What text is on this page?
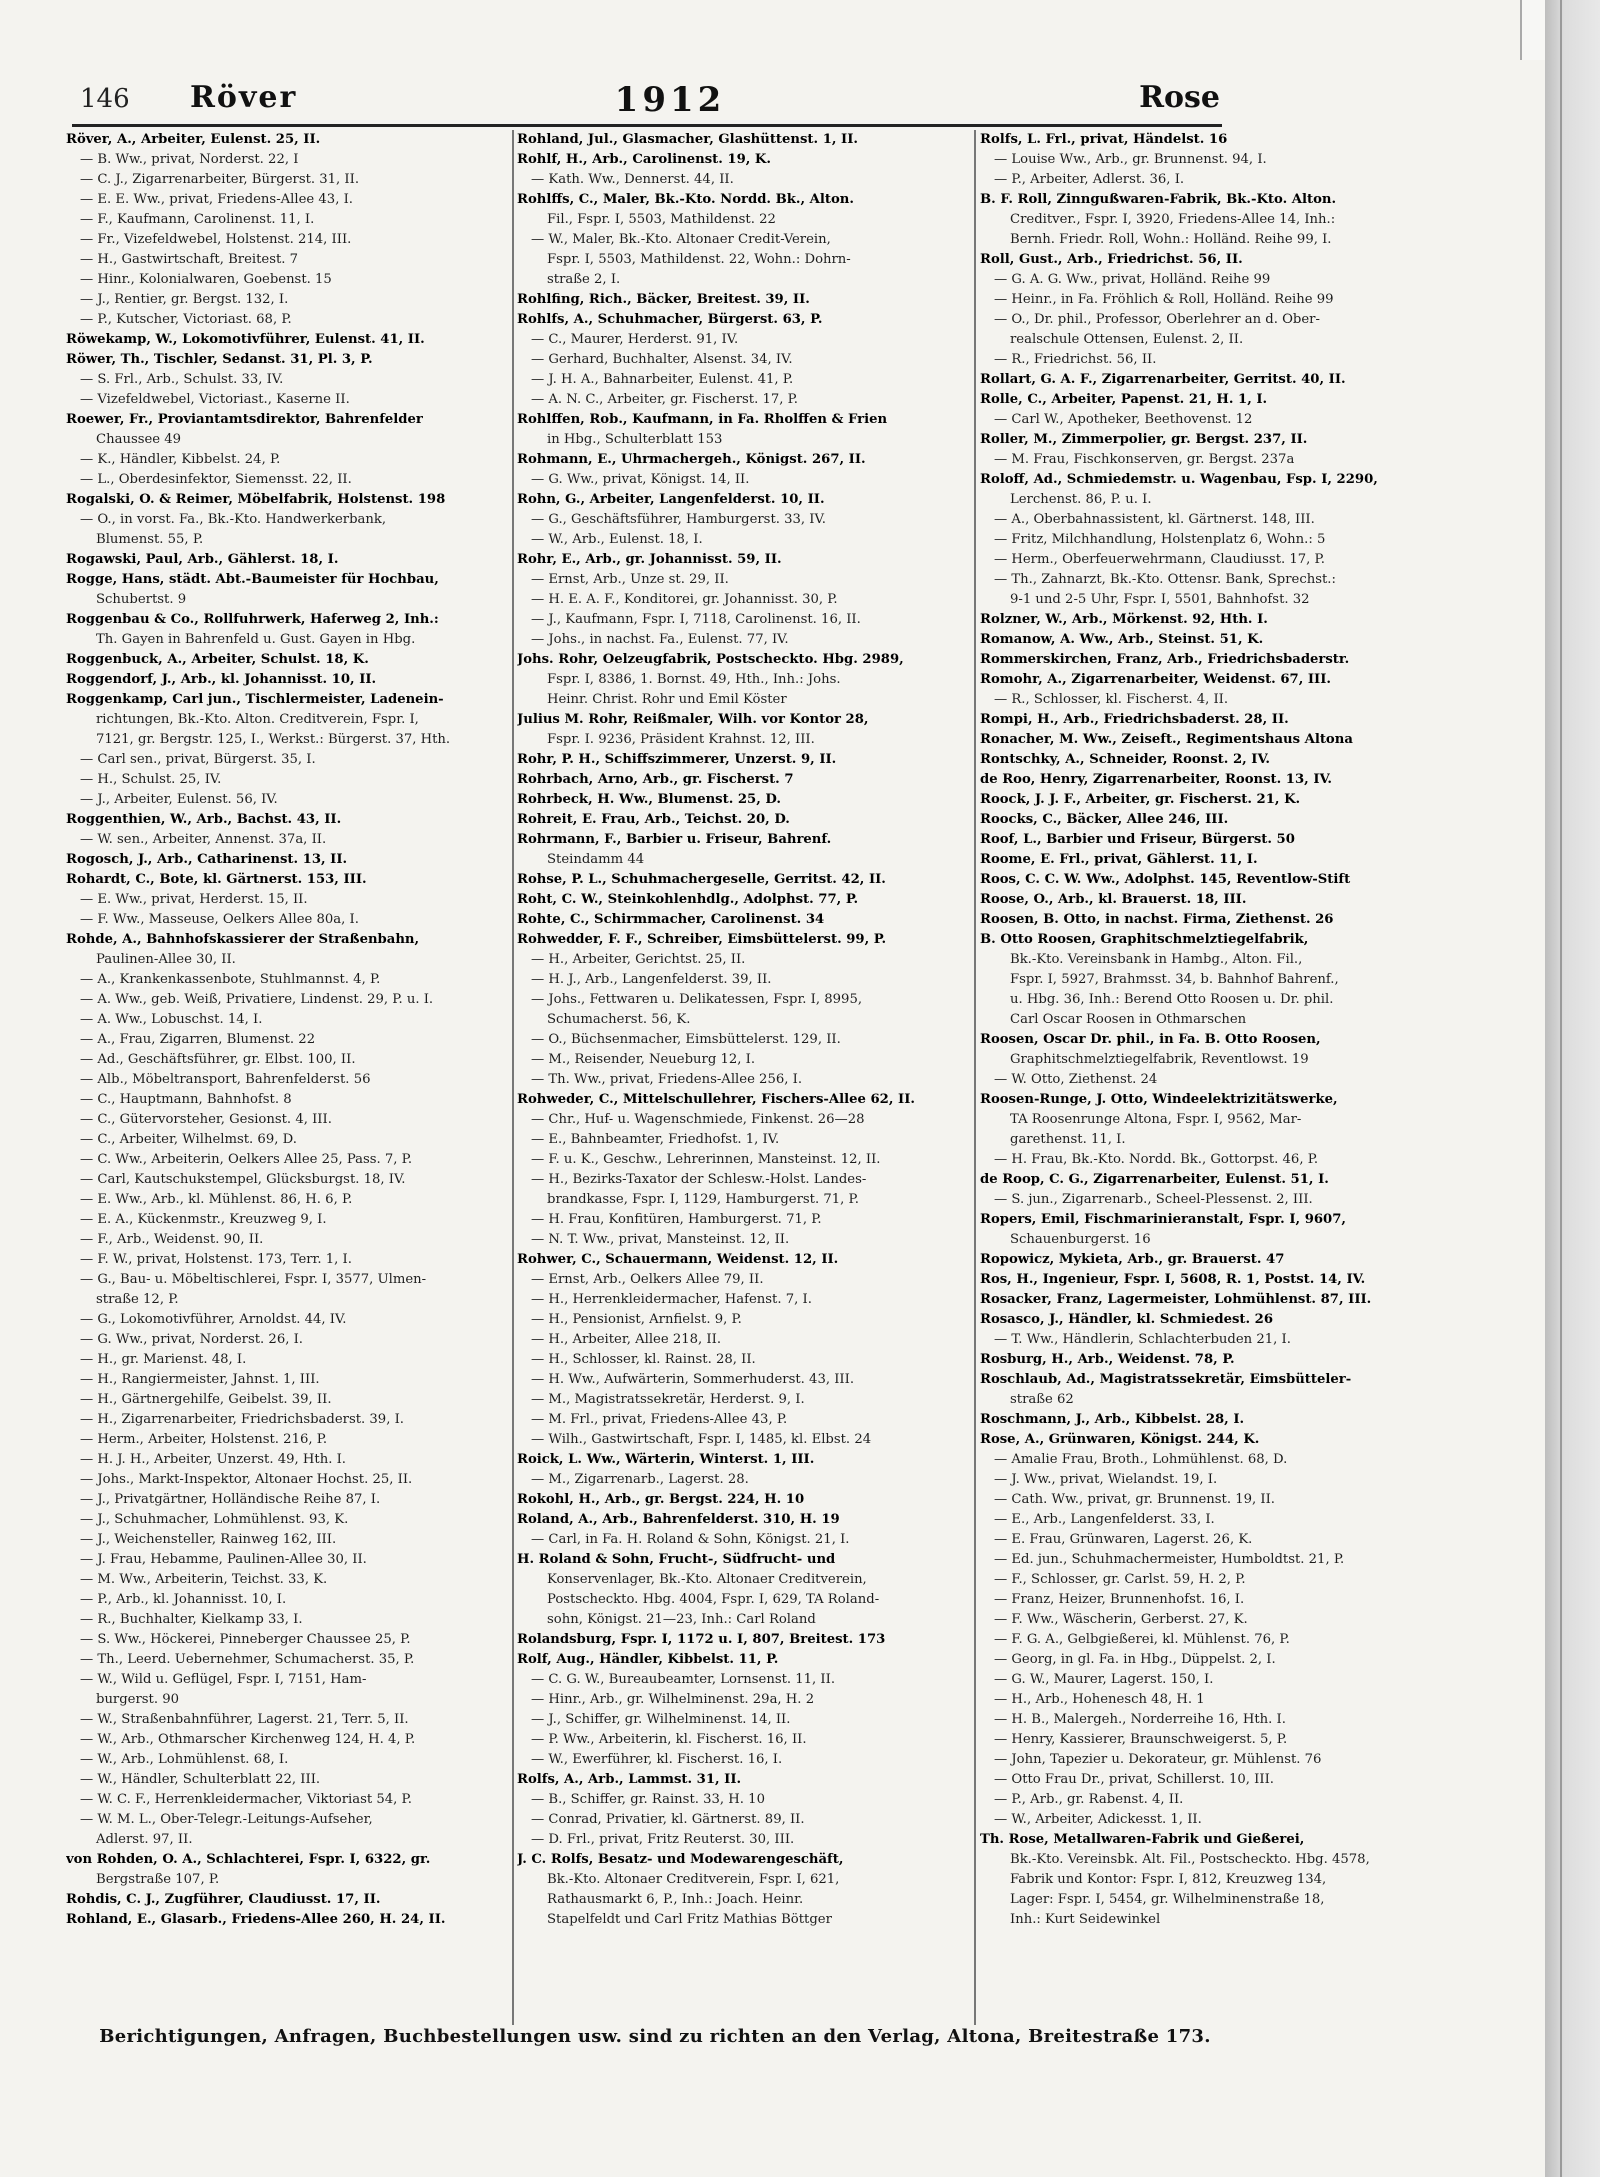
146 Röver	1912	Rose
Röver, A., Arbeiter, Eulenst. 25, II.
— B. Ww., privat, Norderst. 22, I
— C. J., Zigarrenarbeiter, Bürgerst. 31, II.
— E. E. Ww., privat, Friedens-Allee 43, I.
— F., Kaufmann, Carolinenst. 11, I.
— Fr., Vizefeldwebel, Holstenst. 214, III.
— H., Gastwirtschaft, Breitest. 7
— Hinr., Kolonialwaren, Goebenst. 15
— J., Rentier, gr. Bergst. 132, I.
— P., Kutscher, Victoriast. 68, P.
Röwekamp, W., Lokomotivführer, Eulenst. 41, II.
Röwer, Th., Tischler, Sedanst. 31, Pl. 3, P.
— S. Frl., Arb., Schulst. 33, IV.
— Vizefeldwebel, Victoriast., Kaserne II.
Roewer, Fr., Proviantamtsdirektor, Bahrenfelder
Chaussee 49
— K., Händler, Kibbelst. 24, P.
— L., Oberdesinfektor, Siemensst. 22, II.
Rogalski, O. & Reimer, Möbelfabrik, Holstenst. 198
— O., in vorst. Fa., Bk.-Kto. Handwerkerbank,
Blumenst. 55, P.
Rogawski, Paul, Arb., Gählerst. 18, I.
Rogge, Hans, städt. Abt.-Baumeister für Hochbau,
Schubertst. 9
Roggenbau & Co., Rollfuhrwerk, Haferweg 2, Inh.:
Th. Gayen in Bahrenfeld u. Gust. Gayen in Hbg.
Roggenbuck, A., Arbeiter, Schulst. 18, K.
Roggendorf, J., Arb., kl. Johannisst. 10, II.
Roggenkamp, Carl jun., Tischlermeister, Ladenein-
richtungen, Bk.-Kto. Alton. Creditverein, Fspr. I,
7121, gr. Bergstr. 125, I., Werkst.: Bürgerst. 37, Hth.
— Carl sen., privat, Bürgerst. 35, I.
— H., Schulst. 25, IV.
— J., Arbeiter, Eulenst. 56, IV.
Roggenthien, W., Arb., Bachst. 43, II.
— W. sen., Arbeiter, Annenst. 37a, II.
Rogosch, J., Arb., Catharinenst. 13, II.
Rohardt, C., Bote, kl. Gärtnerst. 153, III.
— E. Ww., privat, Herderst. 15, II.
— F. Ww., Masseuse, Oelkers Allee 80a, I.
Rohde, A., Bahnhofskassierer der Straßenbahn,
Paulinen-Allee 30, II.
— A., Krankenkassenbote, Stuhlmannst. 4, P.
— A. Ww., geb. Weiß, Privatiere, Lindenst. 29, P. u. I.
— A. Ww., Lobuschst. 14, I.
— A., Frau, Zigarren, Blumenst. 22
— Ad., Geschäftsführer, gr. Elbst. 100, II.
— Alb., Möbeltransport, Bahrenfelderst. 56
— C., Hauptmann, Bahnhofst. 8
— C., Gütervorsteher, Gesionst. 4, III.
— C., Arbeiter, Wilhelmst. 69, D.
— C. Ww., Arbeiterin, Oelkers Allee 25, Pass. 7, P.
— Carl, Kautschukstempel, Glücksburgst. 18, IV.
— E. Ww., Arb., kl. Mühlenst. 86, H. 6, P.
— E. A., Kückenmstr., Kreuzweg 9, I.
— F., Arb., Weidenst. 90, II.
— F. W., privat, Holstenst. 173, Terr. 1, I.
— G., Bau- u. Möbeltischlerei, Fspr. I, 3577, Ulmen-
straße 12, P.
— G., Lokomotivführer, Arnoldst. 44, IV.
— G. Ww., privat, Norderst. 26, I.
— H., gr. Marienst. 48, I.
— H., Rangiermeister, Jahnst. 1, III.
— H., Gärtnergehilfe, Geibelst. 39, II.
— H., Zigarrenarbeiter, Friedrichsbaderst. 39, I.
— Herm., Arbeiter, Holstenst. 216, P.
— H. J. H., Arbeiter, Unzerst. 49, Hth. I.
— Johs., Markt-Inspektor, Altonaer Hochst. 25, II.
— J., Privatgärtner, Holländische Reihe 87, I.
— J., Schuhmacher, Lohmühlenst. 93, K.
— J., Weichensteller, Rainweg 162, III.
— J. Frau, Hebamme, Paulinen-Allee 30, II.
— M. Ww., Arbeiterin, Teichst. 33, K.
— P., Arb., kl. Johannisst. 10, I.
— R., Buchhalter, Kielkamp 33, I.
— S. Ww., Höckerei, Pinneberger Chaussee 25, P.
— Th., Leerd. Uebernehmer, Schumacherst. 35, P.
— W., Wild u. Geflügel, Fspr. I, 7151, Ham-
burgerst. 90
— W., Straßenbahnführer, Lagerst. 21, Terr. 5, II.
— W., Arb., Othmarscher Kirchenweg 124, H. 4, P.
— W., Arb., Lohmühlenst. 68, I.
— W., Händler, Schulterblatt 22, III.
— W. C. F., Herrenkleidermacher, Viktoriast 54, P.
— W. M. L., Ober-Telegr.-Leitungs-Aufseher,
Adlerst. 97, II.
von Rohden, O. A., Schlachterei, Fspr. I, 6322, gr.
Bergstraße 107, P.
Rohdis, C. J., Zugführer, Claudiusst. 17, II.
Rohland, E., Glasarb., Friedens-Allee 260, H. 24, II.
Rohland, Jul., Glasmacher, Glashüttenst. 1, II.
Rohlf, H., Arb., Carolinenst. 19, K.
— Kath. Ww., Dennerst. 44, II.
Rohlffs, C., Maler, Bk.-Kto. Nordd. Bk., Alton.
Fil., Fspr. I, 5503, Mathildenst. 22
— W., Maler, Bk.-Kto. Altonaer Credit-Verein,
Fspr. I, 5503, Mathildenst. 22, Wohn.: Dohrn-
straße 2, I.
Rohlfing, Rich., Bäcker, Breitest. 39, II.
Rohlfs, A., Schuhmacher, Bürgerst. 63, P.
— C., Maurer, Herderst. 91, IV.
— Gerhard, Buchhalter, Alsenst. 34, IV.
— J. H. A., Bahnarbeiter, Eulenst. 41, P.
— A. N. C., Arbeiter, gr. Fischerst. 17, P.
Rohlffen, Rob., Kaufmann, in Fa. Rholffen & Frien
in Hbg., Schulterblatt 153
Rohmann, E., Uhrmachergeh., Königst. 267, II.
— G. Ww., privat, Königst. 14, II.
Rohn, G., Arbeiter, Langenfelderst. 10, II.
— G., Geschäftsführer, Hamburgerst. 33, IV.
— W., Arb., Eulenst. 18, I.
Rohr, E., Arb., gr. Johannisst. 59, II.
— Ernst, Arb., Unze st. 29, II.
— H. E. A. F., Konditorei, gr. Johannisst. 30, P.
— J., Kaufmann, Fspr. I, 7118, Carolinenst. 16, II.
— Johs., in nachst. Fa., Eulenst. 77, IV.
Johs. Rohr, Oelzeugfabrik, Postscheckto. Hbg. 2989,
Fspr. I, 8386, 1. Bornst. 49, Hth., Inh.: Johs.
Heinr. Christ. Rohr und Emil Köster
Julius M. Rohr, Reißmaler, Wilh. vor Kontor 28,
Fspr. I. 9236, Präsident Krahnst. 12, III.
Rohr, P. H., Schiffszimmerer, Unzerst. 9, II.
Rohrbach, Arno, Arb., gr. Fischerst. 7
Rohrbeck, H. Ww., Blumenst. 25, D.
Rohreit, E. Frau, Arb., Teichst. 20, D.
Rohrmann, F., Barbier u. Friseur, Bahrenf.
Steindamm 44
Rohse, P. L., Schuhmachergeselle, Gerritst. 42, II.
Roht, C. W., Steinkohlenhdlg., Adolphst. 77, P.
Rohte, C., Schirmmacher, Carolinenst. 34
Rohwedder, F. F., Schreiber, Eimsbüttelerst. 99, P.
— H., Arbeiter, Gerichtst. 25, II.
— H. J., Arb., Langenfelderst. 39, II.
— Johs., Fettwaren u. Delikatessen, Fspr. I, 8995,
Schumacherst. 56, K.
— O., Büchsenmacher, Eimsbüttelerst. 129, II.
— M., Reisender, Neueburg 12, I.
— Th. Ww., privat, Friedens-Allee 256, I.
Rohweder, C., Mittelschullehrer, Fischers-Allee 62, II.
— Chr., Huf- u. Wagenschmiede, Finkenst. 26—28
— E., Bahnbeamter, Friedhofst. 1, IV.
— F. u. K., Geschw., Lehrerinnen, Mansteinst. 12, II.
— H., Bezirks-Taxator der Schlesw.-Holst. Landes-
brandkasse, Fspr. I, 1129, Hamburgerst. 71, P.
— H. Frau, Konfitüren, Hamburgerst. 71, P.
— N. T. Ww., privat, Mansteinst. 12, II.
Rohwer, C., Schauermann, Weidenst. 12, II.
— Ernst, Arb., Oelkers Allee 79, II.
— H., Herrenkleidermacher, Hafenst. 7, I.
— H., Pensionist, Arnfielst. 9, P.
— H., Arbeiter, Allee 218, II.
— H., Schlosser, kl. Rainst. 28, II.
— H. Ww., Aufwärterin, Sommerhuderst. 43, III.
— M., Magistratssekretär, Herderst. 9, I.
— M. Frl., privat, Friedens-Allee 43, P.
— Wilh., Gastwirtschaft, Fspr. I, 1485, kl. Elbst. 24
Roick, L. Ww., Wärterin, Winterst. 1, III.
— M., Zigarrenarb., Lagerst. 28.
Rokohl, H., Arb., gr. Bergst. 224, H. 10
Roland, A., Arb., Bahrenfelderst. 310, H. 19
— Carl, in Fa. H. Roland & Sohn, Königst. 21, I.
H. Roland & Sohn, Frucht-, Südfrucht- und
Konservenlager, Bk.-Kto. Altonaer Creditverein,
Postscheckto. Hbg. 4004, Fspr. I, 629, TA Roland-
sohn, Königst. 21—23, Inh.: Carl Roland
Rolandsburg, Fspr. I, 1172 u. I, 807, Breitest. 173
Rolf, Aug., Händler, Kibbelst. 11, P.
— C. G. W., Bureaubeamter, Lornsenst. 11, II.
— Hinr., Arb., gr. Wilhelminenst. 29a, H. 2
— J., Schiffer, gr. Wilhelminenst. 14, II.
— P. Ww., Arbeiterin, kl. Fischerst. 16, II.
— W., Ewerführer, kl. Fischerst. 16, I.
Rolfs, A., Arb., Lammst. 31, II.
— B., Schiffer, gr. Rainst. 33, H. 10
— Conrad, Privatier, kl. Gärtnerst. 89, II.
— D. Frl., privat, Fritz Reuterst. 30, III.
J. C. Rolfs, Besatz- und Modewarengeschäft,
Bk.-Kto. Altonaer Creditverein, Fspr. I, 621,
Rathausmarkt 6, P., Inh.: Joach. Heinr.
Stapelfeldt und Carl Fritz Mathias Böttger
Rolfs, L. Frl., privat, Händelst. 16
— Louise Ww., Arb., gr. Brunnenst. 94, I.
— P., Arbeiter, Adlerst. 36, I.
B. F. Roll, Zinngußwaren-Fabrik, Bk.-Kto. Alton.
Creditver., Fspr. I, 3920, Friedens-Allee 14, Inh.:
Bernh. Friedr. Roll, Wohn.: Holländ. Reihe 99, I.
Roll, Gust., Arb., Friedrichst. 56, II.
— G. A. G. Ww., privat, Holländ. Reihe 99
— Heinr., in Fa. Fröhlich & Roll, Holländ. Reihe 99
— O., Dr. phil., Professor, Oberlehrer an d. Ober-
realschule Ottensen, Eulenst. 2, II.
— R., Friedrichst. 56, II.
Rollart, G. A. F., Zigarrenarbeiter, Gerritst. 40, II.
Rolle, C., Arbeiter, Papenst. 21, H. 1, I.
— Carl W., Apotheker, Beethovenst. 12
Roller, M., Zimmerpolier, gr. Bergst. 237, II.
— M. Frau, Fischkonserven, gr. Bergst. 237a
Roloff, Ad., Schmiedemstr. u. Wagenbau, Fsp. I, 2290,
Lerchenst. 86, P. u. I.
— A., Oberbahnassistent, kl. Gärtnerst. 148, III.
— Fritz, Milchhandlung, Holstenplatz 6, Wohn.: 5
— Herm., Oberfeuerwehrmann, Claudiusst. 17, P.
— Th., Zahnarzt, Bk.-Kto. Ottensr. Bank, Sprechst.:
9-1 und 2-5 Uhr, Fspr. I, 5501, Bahnhofst. 32
Rolzner, W., Arb., Mörkenst. 92, Hth. I.
Romanow, A. Ww., Arb., Steinst. 51, K.
Rommerskirchen, Franz, Arb., Friedrichsbaderstr.
Romohr, A., Zigarrenarbeiter, Weidenst. 67, III.
— R., Schlosser, kl. Fischerst. 4, II.
Rompi, H., Arb., Friedrichsbaderst. 28, II.
Ronacher, M. Ww., Zeiseft., Regimentshaus Altona
Rontschky, A., Schneider, Roonst. 2, IV.
de Roo, Henry, Zigarrenarbeiter, Roonst. 13, IV.
Roock, J. J. F., Arbeiter, gr. Fischerst. 21, K.
Roocks, C., Bäcker, Allee 246, III.
Roof, L., Barbier und Friseur, Bürgerst. 50
Roome, E. Frl., privat, Gählerst. 11, I.
Roos, C. C. W. Ww., Adolphst. 145, Reventlow-Stift
Roose, O., Arb., kl. Brauerst. 18, III.
Roosen, B. Otto, in nachst. Firma, Ziethenst. 26
B. Otto Roosen, Graphitschmelztiegelfabrik,
Bk.-Kto. Vereinsbank in Hambg., Alton. Fil.,
Fspr. I, 5927, Brahmsst. 34, b. Bahnhof Bahrenf.,
u. Hbg. 36, Inh.: Berend Otto Roosen u. Dr. phil.
Carl Oscar Roosen in Othmarschen
Roosen, Oscar Dr. phil., in Fa. B. Otto Roosen,
Graphitschmelztiegelfabrik, Reventlowst. 19
— W. Otto, Ziethenst. 24
Roosen-Runge, J. Otto, Windeelektrizitätswerke,
TA Roosenrunge Altona, Fspr. I, 9562, Mar-
garethenst. 11, I.
— H. Frau, Bk.-Kto. Nordd. Bk., Gottorpst. 46, P.
de Roop, C. G., Zigarrenarbeiter, Eulenst. 51, I.
— S. jun., Zigarrenarb., Scheel-Plessenst. 2, III.
Ropers, Emil, Fischmarinieranstalt, Fspr. I, 9607,
Schauenburgerst. 16
Ropowicz, Mykieta, Arb., gr. Brauerst. 47
Ros, H., Ingenieur, Fspr. I, 5608, R. 1, Postst. 14, IV.
Rosacker, Franz, Lagermeister, Lohmühlenst. 87, III.
Rosasco, J., Händler, kl. Schmiedest. 26
— T. Ww., Händlerin, Schlachterbuden 21, I.
Rosburg, H., Arb., Weidenst. 78, P.
Roschlaub, Ad., Magistratssekretär, Eimsbütteler-
straße 62
Roschmann, J., Arb., Kibbelst. 28, I.
Rose, A., Grünwaren, Königst. 244, K.
— Amalie Frau, Broth., Lohmühlenst. 68, D.
— J. Ww., privat, Wielandst. 19, I.
— Cath. Ww., privat, gr. Brunnenst. 19, II.
— E., Arb., Langenfelderst. 33, I.
— E. Frau, Grünwaren, Lagerst. 26, K.
— Ed. jun., Schuhmachermeister, Humboldtst. 21, P.
— F., Schlosser, gr. Carlst. 59, H. 2, P.
— Franz, Heizer, Brunnenhofst. 16, I.
— F. Ww., Wäscherin, Gerberst. 27, K.
— F. G. A., Gelbgießerei, kl. Mühlenst. 76, P.
— Georg, in gl. Fa. in Hbg., Düppelst. 2, I.
— G. W., Maurer, Lagerst. 150, I.
— H., Arb., Hohenesch 48, H. 1
— H. B., Malergeh., Norderreihe 16, Hth. I.
— Henry, Kassierer, Braunschweigerst. 5, P.
— John, Tapezier u. Dekorateur, gr. Mühlenst. 76
— Otto Frau Dr., privat, Schillerst. 10, III.
— P., Arb., gr. Rabenst. 4, II.
— W., Arbeiter, Adickesst. 1, II.
Th. Rose, Metallwaren-Fabrik und Gießerei,
Bk.-Kto. Vereinsbk. Alt. Fil., Postscheckto. Hbg. 4578,
Fabrik und Kontor: Fspr. I, 812, Kreuzweg 134,
Lager: Fspr. I, 5454, gr. Wilhelminenstraße 18,
Inh.: Kurt Seidewinkel
Berichtigungen, Anfragen, Buchbestellungen usw. sind zu richten an den Verlag, Altona, Breitestraße 173.
